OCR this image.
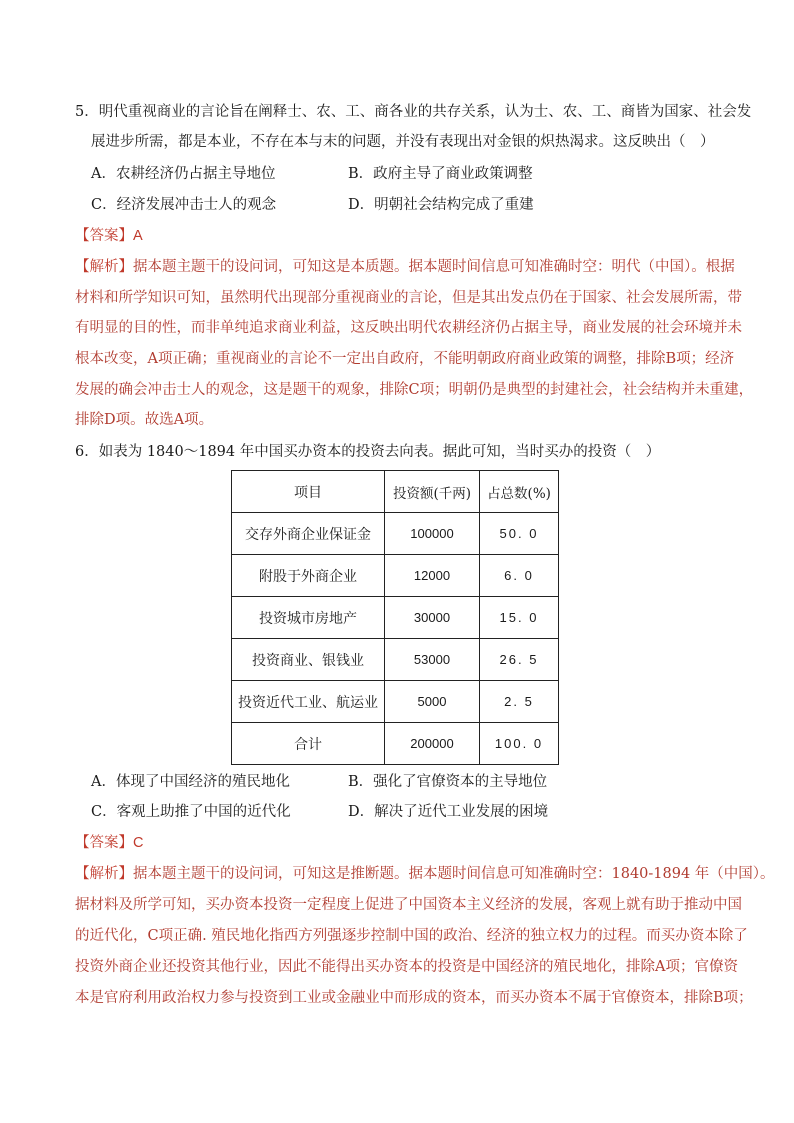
5．明代重视商业的言论旨在阐释士、农、工、商各业的共存关系，认为士、农、工、商皆为国家、社会发
展进步所需，都是本业，不存在本与末的问题，并没有表现出对金银的炽热渴求。这反映出（　）
A．农耕经济仍占据主导地位	B．政府主导了商业政策调整
C．经济发展冲击士人的观念	D．明朝社会结构完成了重建
【答案】A
【解析】据本题主题干的设问词，可知这是本质题。据本题时间信息可知准确时空：明代（中国）。根据
材料和所学知识可知，虽然明代出现部分重视商业的言论，但是其出发点仍在于国家、社会发展所需，带
有明显的目的性，而非单纯追求商业利益，这反映出明代农耕经济仍占据主导，商业发展的社会环境并未
根本改变，A项正确；重视商业的言论不一定出自政府，不能明朝政府商业政策的调整，排除B项；经济
发展的确会冲击士人的观念，这是题干的观象，排除C项；明朝仍是典型的封建社会，社会结构并未重建，
排除D项。故选A项。
6．如表为 1840～1894 年中国买办资本的投资去向表。据此可知，当时买办的投资（　）
项目	投资额(千两)	占总数(%)
交存外商企业保证金	100000	50. 0
附股于外商企业	12000	6. 0
投资城市房地产	30000	15. 0
投资商业、银钱业	53000	26. 5
投资近代工业、航运业	5000	2. 5
合计	200000	100. 0
A．体现了中国经济的殖民地化	B．强化了官僚资本的主导地位
C．客观上助推了中国的近代化	D．解决了近代工业发展的困境
【答案】C
【解析】据本题主题干的设问词，可知这是推断题。据本题时间信息可知准确时空：1840-1894 年（中国）。
据材料及所学可知，买办资本投资一定程度上促进了中国资本主义经济的发展，客观上就有助于推动中国
的近代化，C项正确. 殖民地化指西方列强逐步控制中国的政治、经济的独立权力的过程。而买办资本除了
投资外商企业还投资其他行业，因此不能得出买办资本的投资是中国经济的殖民地化，排除A项；官僚资
本是官府利用政治权力参与投资到工业或金融业中而形成的资本，而买办资本不属于官僚资本，排除B项；
